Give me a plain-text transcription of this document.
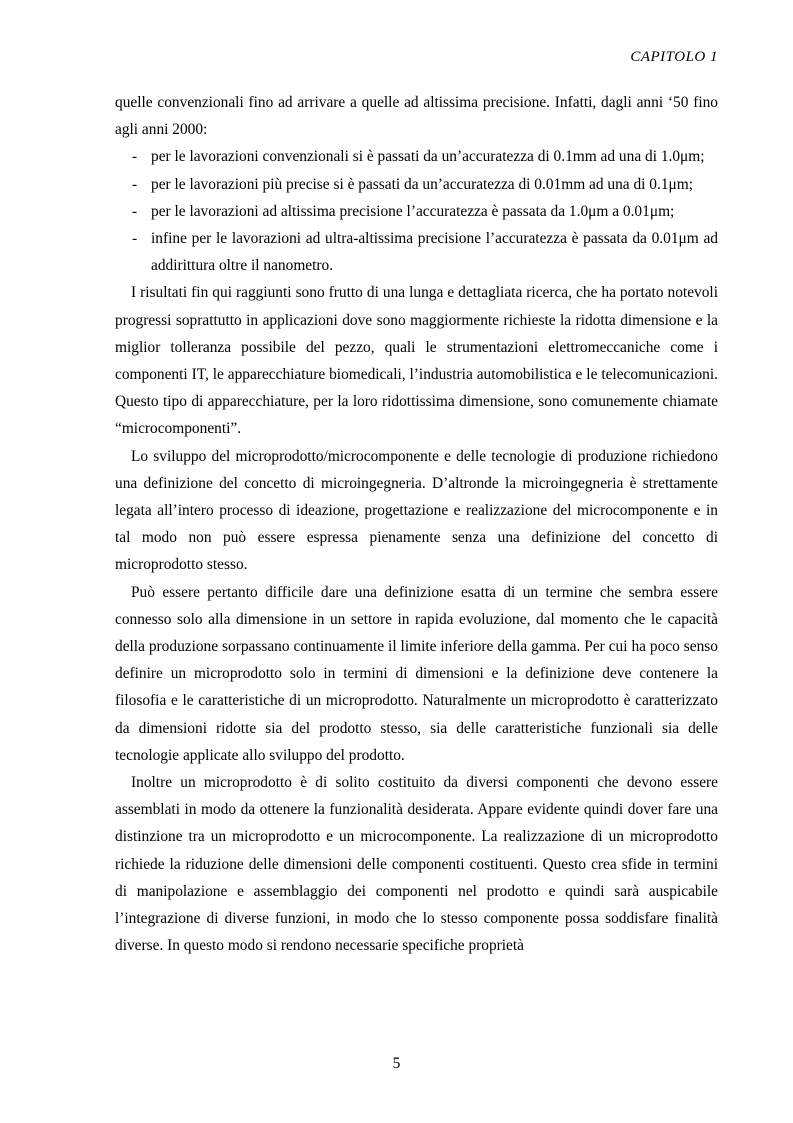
CAPITOLO 1

quelle convenzionali fino ad arrivare a quelle ad altissima precisione. Infatti, dagli anni ‘50 fino agli anni 2000:

- per le lavorazioni convenzionali si è passati da un’accuratezza di 0.1mm ad una di 1.0μm;
- per le lavorazioni più precise si è passati da un’accuratezza di 0.01mm ad una di 0.1μm;
- per le lavorazioni ad altissima precisione l’accuratezza è passata da 1.0μm a 0.01μm;
- infine per le lavorazioni ad ultra-altissima precisione l’accuratezza è passata da 0.01μm ad addirittura oltre il nanometro.

I risultati fin qui raggiunti sono frutto di una lunga e dettagliata ricerca, che ha portato notevoli progressi soprattutto in applicazioni dove sono maggiormente richieste la ridotta dimensione e la miglior tolleranza possibile del pezzo, quali le strumentazioni elettromeccaniche come i componenti IT, le apparecchiature biomedicali, l’industria automobilistica e le telecomunicazioni. Questo tipo di apparecchiature, per la loro ridottissima dimensione, sono comunemente chiamate “microcomponenti”.

Lo sviluppo del microprodotto/microcomponente e delle tecnologie di produzione richiedono una definizione del concetto di microingegneria. D’altronde la microingegneria è strettamente legata all’intero processo di ideazione, progettazione e realizzazione del microcomponente e in tal modo non può essere espressa pienamente senza una definizione del concetto di microprodotto stesso.

Può essere pertanto difficile dare una definizione esatta di un termine che sembra essere connesso solo alla dimensione in un settore in rapida evoluzione, dal momento che le capacità della produzione sorpassano continuamente il limite inferiore della gamma. Per cui ha poco senso definire un microprodotto solo in termini di dimensioni e la definizione deve contenere la filosofia e le caratteristiche di un microprodotto. Naturalmente un microprodotto è caratterizzato da dimensioni ridotte sia del prodotto stesso, sia delle caratteristiche funzionali sia delle tecnologie applicate allo sviluppo del prodotto.

Inoltre un microprodotto è di solito costituito da diversi componenti che devono essere assemblati in modo da ottenere la funzionalità desiderata. Appare evidente quindi dover fare una distinzione tra un microprodotto e un microcomponente. La realizzazione di un microprodotto richiede la riduzione delle dimensioni delle componenti costituenti. Questo crea sfide in termini di manipolazione e assemblaggio dei componenti nel prodotto e quindi sarà auspicabile l’integrazione di diverse funzioni, in modo che lo stesso componente possa soddisfare finalità diverse. In questo modo si rendono necessarie specifiche proprietà

5
